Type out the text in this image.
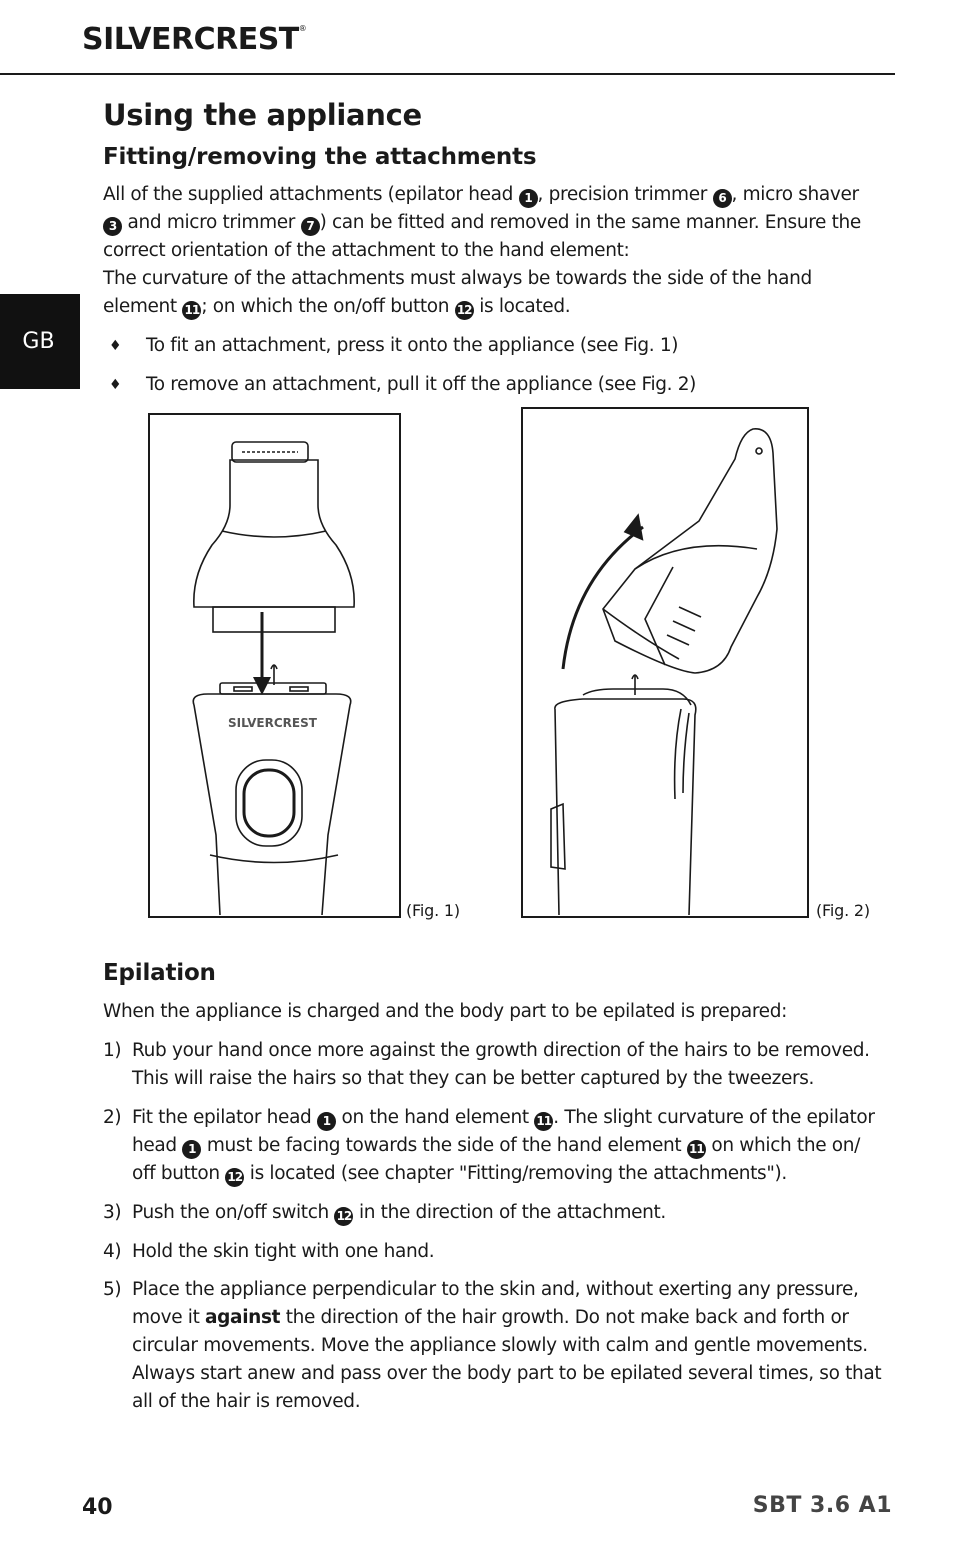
SILVERCREST®
GB
Using the appliance
Fitting/removing the attachments

All of the supplied attachments (epilator head 1 , precision trimmer 6 , micro shaver 3 and micro trimmer 7 ) can be fitted and removed in the same manner. Ensure the correct orientation of the attachment to the hand element:

The curvature of the attachments must always be towards the side of the hand element 11 ; on which the on/off button 12 is located.

♦ To fit an attachment, press it onto the appliance (see Fig. 1)
♦ To remove an attachment, pull it off the appliance (see Fig. 2)
SILVERCREST
(Fig. 1)	(Fig. 2)
Epilation

When the appliance is charged and the body part to be epilated is prepared:

1) Rub your hand once more against the growth direction of the hairs to be removed. This will raise the hairs so that they can be better captured by the tweezers.
2) Fit the epilator head 1 on the hand element 11 . The slight curvature of the epilator head 1 must be facing towards the side of the hand element 11 on which the on/ off button 12 is located (see chapter "Fitting/removing the attachments").
3) Push the on/off switch 12 in the direction of the attachment.
4) Hold the skin tight with one hand.
5) Place the appliance perpendicular to the skin and, without exerting any pressure, move it against the direction of the hair growth. Do not make back and forth or circular movements. Move the appliance slowly with calm and gentle movements. Always start anew and pass over the body part to be epilated several times, so that all of the hair is removed.
40	SBT 3.6 A1
